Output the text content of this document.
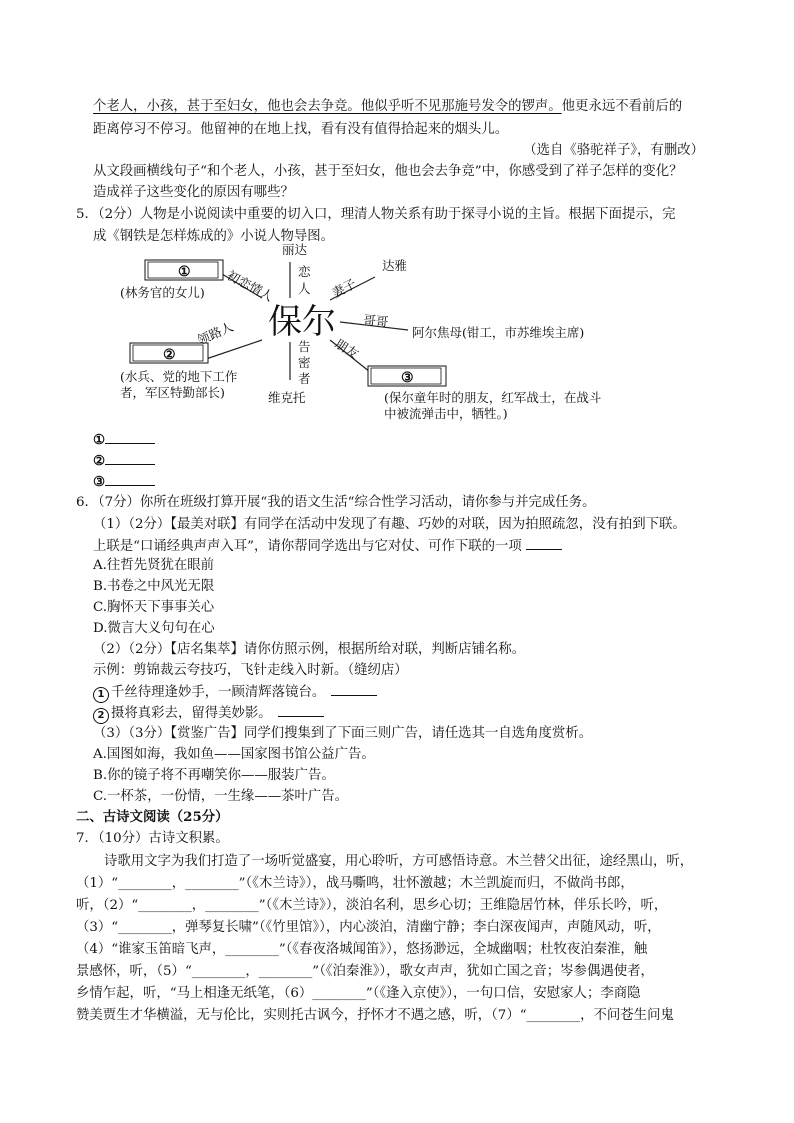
个老人，小孩，甚于至妇女，他也会去争竞。他似乎听不见那施号发令的锣声。他更永远不看前后的
距离停习不停习。他留神的在地上找，看有没有值得拾起来的烟头儿。
（选自《骆驼祥子》，有删改）
从文段画横线句子“和个老人，小孩，甚于至妇女，他也会去争竞”中，你感受到了祥子怎样的变化？
造成祥子这些变化的原因有哪些？
5．（2分）人物是小说阅读中重要的切入口，理清人物关系有助于探寻小说的主旨。根据下面提示，完
成《钢铁是怎样炼成的》小说人物导图。
保尔
丽达
恋
人
达雅
妻子
哥哥
阿尔焦母(钳工，市苏维埃主席)
告
密
者
维克托
①
(林务官的女儿) 初恋情人
②
(水兵、党的地下工作
者，军区特勤部长)
领路人
③
(保尔童年时的朋友，红军战士，在战斗
中被流弹击中，牺牲。)
朋友
①
②
③
6．（7分）你所在班级打算开展“我的语文生活“综合性学习活动，请你参与并完成任务。
（1）（2分）【最美对联】有同学在活动中发现了有趣、巧妙的对联，因为拍照疏忽，没有拍到下联。
上联是“口诵经典声声入耳”，请你帮同学选出与它对仗、可作下联的一项
A.往哲先贤犹在眼前
B.书卷之中风光无限
C.胸怀天下事事关心
D.微言大义句句在心
（2）（2分）【店名集萃】请你仿照示例，根据所给对联，判断店铺名称。
示例：剪锦裁云夸技巧，飞针走线入时新。（缝纫店）
1 千丝待理逢妙手，一顾清辉落镜台。
2 摄将真彩去，留得美妙影。
（3）（3分）【赏鉴广告】同学们搜集到了下面三则广告，请任选其一自选角度赏析。
A.国图如海，我如鱼——国家图书馆公益广告。
B.你的镜子将不再嘲笑你——服装广告。
C.一杯茶，一份情，一生缘——茶叶广告。
二、古诗文阅读（25分）
7．（10分）古诗文积累。
诗歌用文字为我们打造了一场听觉盛宴，用心聆听，方可感悟诗意。木兰替父出征，途经黑山，听，
（1）“________，________”（《木兰诗》），战马嘶鸣，壮怀激越；木兰凯旋而归，不做尚书郎，
听，（2）“________，________”（《木兰诗》），淡泊名利，思乡心切；王维隐居竹林，伴乐长吟，听，
（3）“________，弹琴复长啸”（《竹里馆》），内心淡泊，清幽宁静；李白深夜闻声，声随风动，听，
（4）“谁家玉笛暗飞声，________”（《春夜洛城闻笛》），悠扬渺远，全城幽咽；杜牧夜泊秦淮，触
景感怀，听，（5）“________，________”（《泊秦淮》），歌女声声，犹如亡国之音；岑参偶遇使者，
乡情乍起，听，“马上相逢无纸笔，（6）________”（《逢入京使》），一句口信，安慰家人；李商隐
赞美贾生才华横溢，无与伦比，实则托古讽今，抒怀才不遇之感，听，（7）“________，不问苍生问鬼
